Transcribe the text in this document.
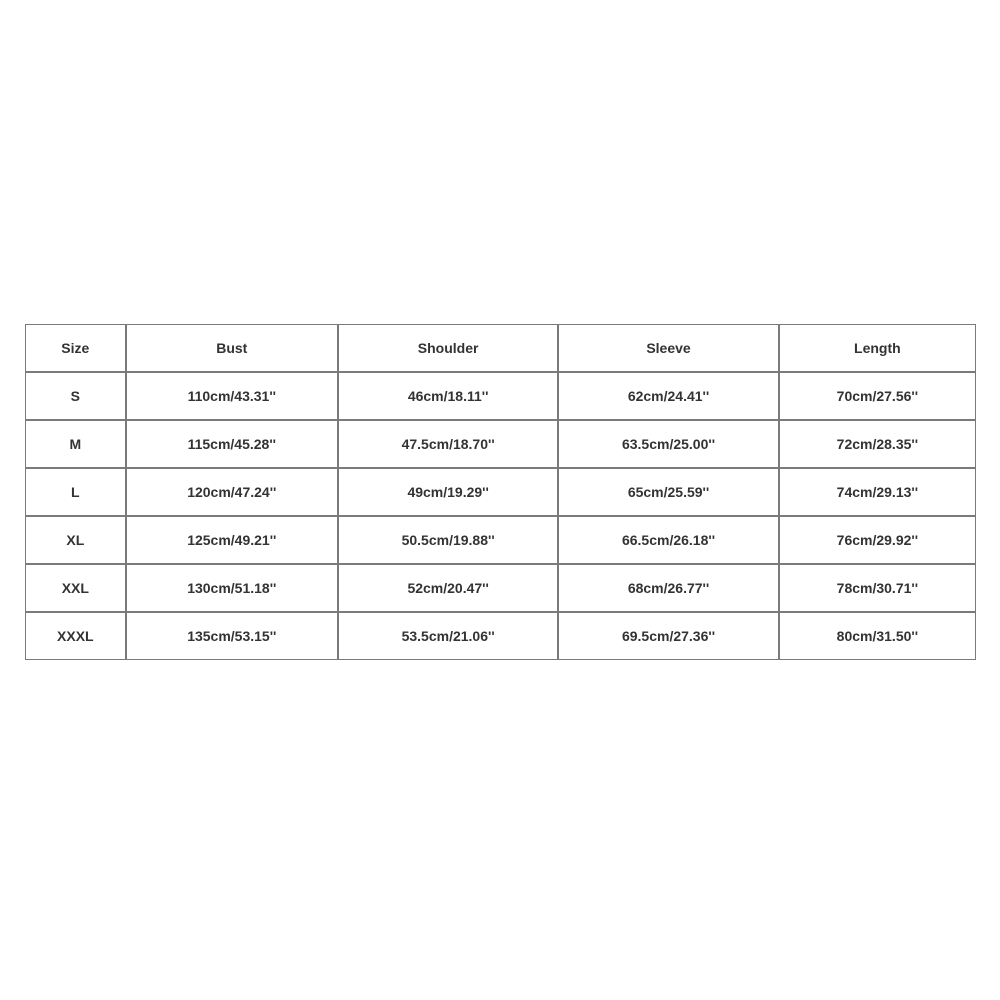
Size	Bust	Shoulder	Sleeve	Length
S	110cm/43.31''	46cm/18.11''	62cm/24.41''	70cm/27.56''
M	115cm/45.28''	47.5cm/18.70''	63.5cm/25.00''	72cm/28.35''
L	120cm/47.24''	49cm/19.29''	65cm/25.59''	74cm/29.13''
XL	125cm/49.21''	50.5cm/19.88''	66.5cm/26.18''	76cm/29.92''
XXL	130cm/51.18''	52cm/20.47''	68cm/26.77''	78cm/30.71''
XXXL	135cm/53.15''	53.5cm/21.06''	69.5cm/27.36''	80cm/31.50''
